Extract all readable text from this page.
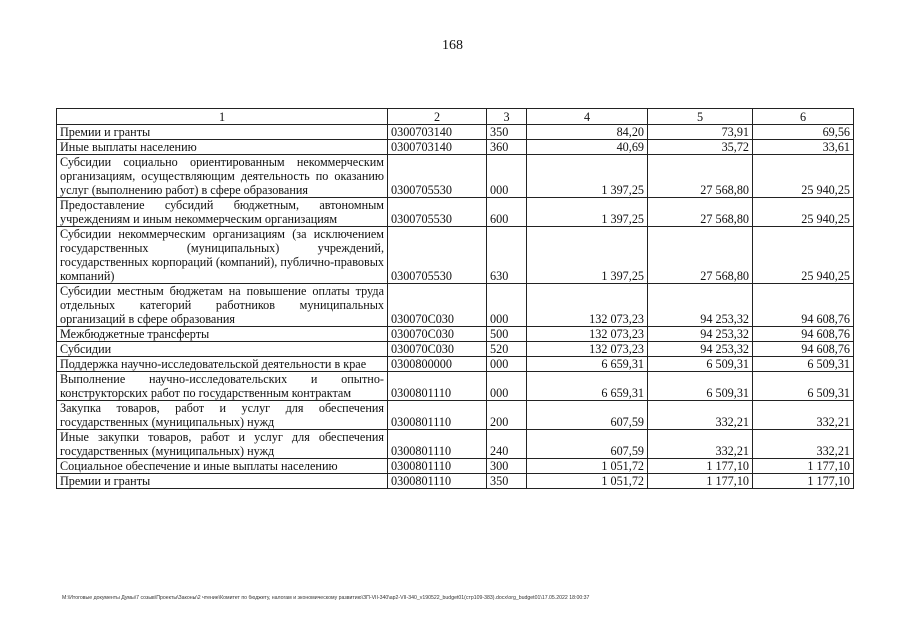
168
1	2	3	4	5	6
Премии и гранты	0300703140	350	84,20	73,91	69,56
Иные выплаты населению	0300703140	360	40,69	35,72	33,61
Субсидии социально ориентированным некоммерческим организациям, осуществляющим деятельность по оказанию услуг (выполнению работ) в сфере образования	0300705530	000	1 397,25	27 568,80	25 940,25
Предоставление субсидий бюджетным, автономным учреждениям и иным некоммерческим организациям	0300705530	600	1 397,25	27 568,80	25 940,25
Субсидии некоммерческим организациям (за исключением государственных (муниципальных) учреждений, государственных корпораций (компаний), публично-правовых компаний)	0300705530	630	1 397,25	27 568,80	25 940,25
Субсидии местным бюджетам на повышение оплаты труда отдельных категорий работников муниципальных организаций в сфере образования	030070С030	000	132 073,23	94 253,32	94 608,76
Межбюджетные трансферты	030070С030	500	132 073,23	94 253,32	94 608,76
Субсидии	030070С030	520	132 073,23	94 253,32	94 608,76
Поддержка научно-исследовательской деятельности в крае	0300800000	000	6 659,31	6 509,31	6 509,31
Выполнение научно-исследовательских и опытно-конструкторских работ по государственным контрактам	0300801110	000	6 659,31	6 509,31	6 509,31
Закупка товаров, работ и услуг для обеспечения государственных (муниципальных) нужд	0300801110	200	607,59	332,21	332,21
Иные закупки товаров, работ и услуг для обеспечения государственных (муниципальных) нужд	0300801110	240	607,59	332,21	332,21
Социальное обеспечение и иные выплаты населению	0300801110	300	1 051,72	1 177,10	1 177,10
Премии и гранты	0300801110	350	1 051,72	1 177,10	1 177,10
M:\Итоговые документы Думы\7 созыв\Проекты\Законы\2 чтение\Комитет по бюджету, налогам и экономическому развитию\ЗП-VII-340\ap2-VII-340_v190522_budget01(стр109-383).docx\org_budget01\17.05.2022 18:00:37
